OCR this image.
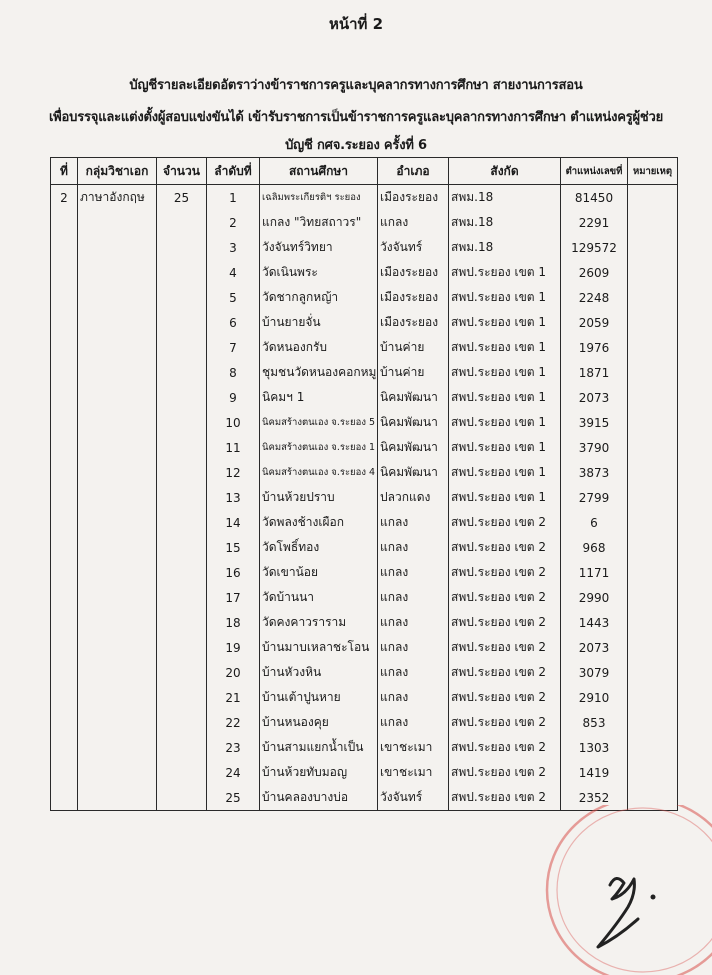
หน้าที่ 2
บัญชีรายละเอียดอัตราว่างข้าราชการครูและบุคลากรทางการศึกษา สายงานการสอน
เพื่อบรรจุและแต่งตั้งผู้สอบแข่งขันได้ เข้ารับราชการเป็นข้าราชการครูและบุคลากรทางการศึกษา ตำแหน่งครูผู้ช่วย
บัญชี กศจ.ระยอง ครั้งที่ 6
ที่	กลุ่มวิชาเอก	จำนวน	ลำดับที่	สถานศึกษา	อำเภอ	สังกัด	ตำแหน่งเลขที่	หมายเหตุ
2	ภาษาอังกฤษ	25	1	เฉลิมพระเกียรติฯ ระยอง	เมืองระยอง	สพม.18	81450	
			2	แกลง "วิทยสถาวร"	แกลง	สพม.18	2291	
			3	วังจันทร์วิทยา	วังจันทร์	สพม.18	129572	
			4	วัดเนินพระ	เมืองระยอง	สพป.ระยอง เขต 1	2609	
			5	วัดชากลูกหญ้า	เมืองระยอง	สพป.ระยอง เขต 1	2248	
			6	บ้านยายจั่น	เมืองระยอง	สพป.ระยอง เขต 1	2059	
			7	วัดหนองกรับ	บ้านค่าย	สพป.ระยอง เขต 1	1976	
			8	ชุมชนวัดหนองคอกหมู	บ้านค่าย	สพป.ระยอง เขต 1	1871	
			9	นิคมฯ 1	นิคมพัฒนา	สพป.ระยอง เขต 1	2073	
			10	นิคมสร้างตนเอง จ.ระยอง 5	นิคมพัฒนา	สพป.ระยอง เขต 1	3915	
			11	นิคมสร้างตนเอง จ.ระยอง 1	นิคมพัฒนา	สพป.ระยอง เขต 1	3790	
			12	นิคมสร้างตนเอง จ.ระยอง 4	นิคมพัฒนา	สพป.ระยอง เขต 1	3873	
			13	บ้านห้วยปราบ	ปลวกแดง	สพป.ระยอง เขต 1	2799	
			14	วัดพลงช้างเผือก	แกลง	สพป.ระยอง เขต 2	6	
			15	วัดโพธิ์ทอง	แกลง	สพป.ระยอง เขต 2	968	
			16	วัดเขาน้อย	แกลง	สพป.ระยอง เขต 2	1171	
			17	วัดบ้านนา	แกลง	สพป.ระยอง เขต 2	2990	
			18	วัดคงคาวราราม	แกลง	สพป.ระยอง เขต 2	1443	
			19	บ้านมาบเหลาชะโอน	แกลง	สพป.ระยอง เขต 2	2073	
			20	บ้านหัวงหิน	แกลง	สพป.ระยอง เขต 2	3079	
			21	บ้านเต้าปูนหาย	แกลง	สพป.ระยอง เขต 2	2910	
			22	บ้านหนองคุย	แกลง	สพป.ระยอง เขต 2	853	
			23	บ้านสามแยกน้ำเป็น	เขาชะเมา	สพป.ระยอง เขต 2	1303	
			24	บ้านห้วยทับมอญ	เขาชะเมา	สพป.ระยอง เขต 2	1419	
			25	บ้านคลองบางบ่อ	วังจันทร์	สพป.ระยอง เขต 2	2352	
